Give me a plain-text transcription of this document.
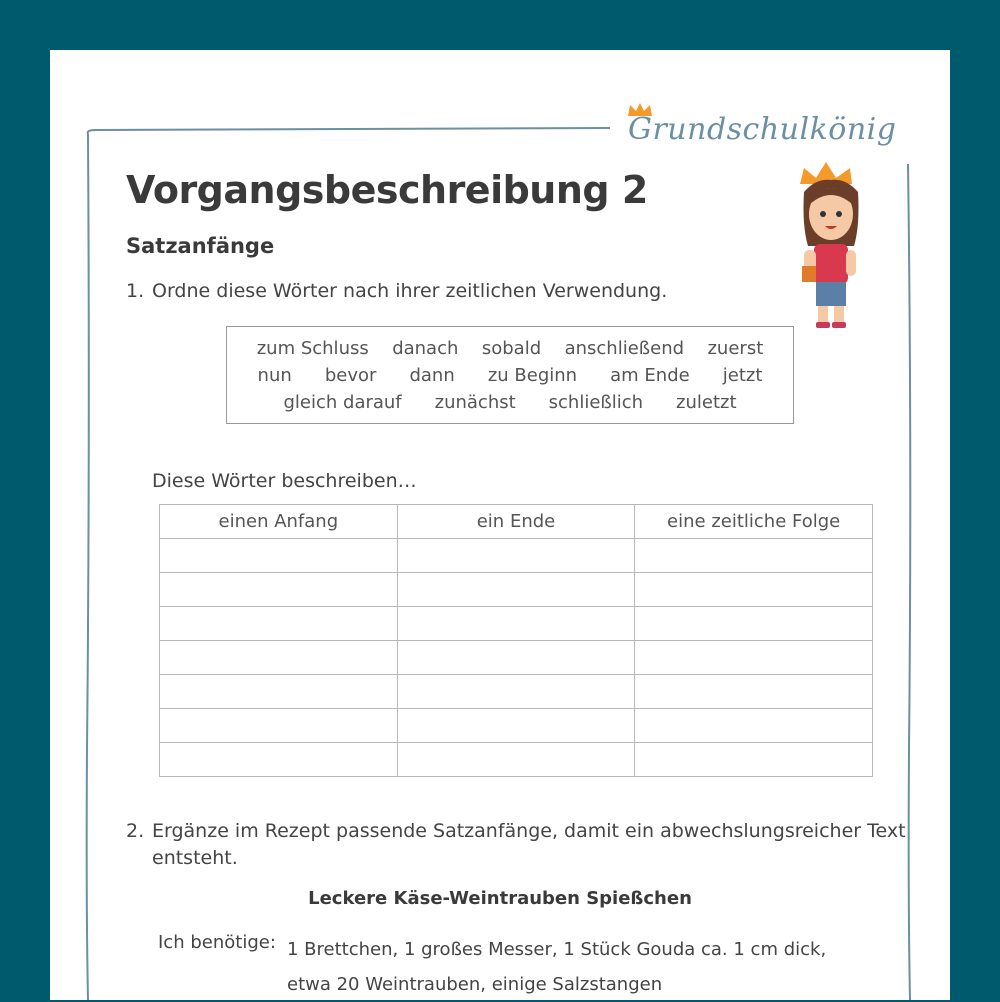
Grundschulkönig
Vorgangsbeschreibung 2
Satzanfänge
1. Ordne diese Wörter nach ihrer zeitlichen Verwendung.
zum Schluss danach sobald anschließend zuerst
nun bevor dann zu Beginn am Ende jetzt
gleich darauf zunächst schließlich zuletzt
Diese Wörter beschreiben…
einen Anfang	ein Ende	eine zeitliche Folge

2. Ergänze im Rezept passende Satzanfänge, damit ein abwechslungsreicher Text
entsteht.
Leckere Käse-Weintrauben Spießchen
Ich benötige: 1 Brettchen, 1 großes Messer, 1 Stück Gouda ca. 1 cm dick,
etwa 20 Weintrauben, einige Salzstangen
